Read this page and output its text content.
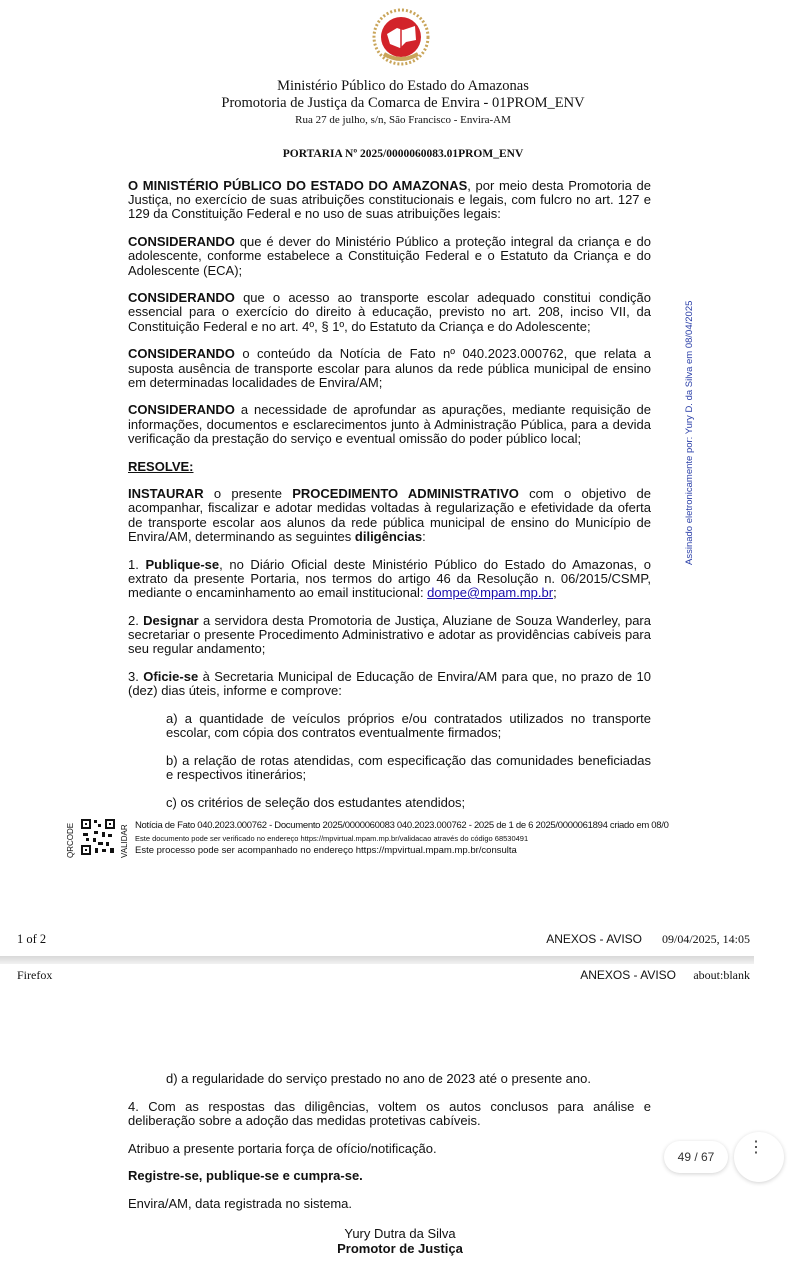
Ministério Público do Estado do Amazonas
Promotoria de Justiça da Comarca de Envira - 01PROM_ENV
Rua 27 de julho, s/n, São Francisco - Envira-AM
PORTARIA Nº 2025/0000060083.01PROM_ENV

O MINISTÉRIO PÚBLICO DO ESTADO DO AMAZONAS, por meio desta Promotoria de Justiça, no exercício de suas atribuições constitucionais e legais, com fulcro no art. 127 e 129 da Constituição Federal e no uso de suas atribuições legais:

CONSIDERANDO que é dever do Ministério Público a proteção integral da criança e do adolescente, conforme estabelece a Constituição Federal e o Estatuto da Criança e do Adolescente (ECA);

CONSIDERANDO que o acesso ao transporte escolar adequado constitui condição essencial para o exercício do direito à educação, previsto no art. 208, inciso VII, da Constituição Federal e no art. 4º, § 1º, do Estatuto da Criança e do Adolescente;

CONSIDERANDO o conteúdo da Notícia de Fato nº 040.2023.000762, que relata a suposta ausência de transporte escolar para alunos da rede pública municipal de ensino em determinadas localidades de Envira/AM;

CONSIDERANDO a necessidade de aprofundar as apurações, mediante requisição de informações, documentos e esclarecimentos junto à Administração Pública, para a devida verificação da prestação do serviço e eventual omissão do poder público local;

RESOLVE:

INSTAURAR o presente PROCEDIMENTO ADMINISTRATIVO com o objetivo de acompanhar, fiscalizar e adotar medidas voltadas à regularização e efetividade da oferta de transporte escolar aos alunos da rede pública municipal de ensino do Município de Envira/AM, determinando as seguintes diligências:

1. Publique-se, no Diário Oficial deste Ministério Público do Estado do Amazonas, o extrato da presente Portaria, nos termos do artigo 46 da Resolução n. 06/2015/CSMP, mediante o encaminhamento ao email institucional: dompe@mpam.mp.br;

2. Designar a servidora desta Promotoria de Justiça, Aluziane de Souza Wanderley, para secretariar o presente Procedimento Administrativo e adotar as providências cabíveis para seu regular andamento;

3. Oficie-se à Secretaria Municipal de Educação de Envira/AM para que, no prazo de 10 (dez) dias úteis, informe e comprove:

a) a quantidade de veículos próprios e/ou contratados utilizados no transporte escolar, com cópia dos contratos eventualmente firmados;

b) a relação de rotas atendidas, com especificação das comunidades beneficiadas e respectivos itinerários;

c) os critérios de seleção dos estudantes atendidos;

Assinado eletronicamente por: Yury D. da Silva em 08/04/2025
QRCODE	VALIDAR Notícia de Fato 040.2023.000762 - Documento 2025/0000060083 040.2023.000762 - 2025 de 1 de 6 2025/0000061894 criado em 08/0
Este documento pode ser verificado no endereço https://mpvirtual.mpam.mp.br/validacao através do código 68530491
Este processo pode ser acompanhado no endereço https://mpvirtual.mpam.mp.br/consulta
1 of 2	ANEXOS - AVISO 09/04/2025, 14:05
Firefox	ANEXOS - AVISO about:blank

d) a regularidade do serviço prestado no ano de 2023 até o presente ano.

4. Com as respostas das diligências, voltem os autos conclusos para análise e deliberação sobre a adoção das medidas protetivas cabíveis.

Atribuo a presente portaria força de ofício/notificação.

Registre-se, publique-se e cumpra-se.

Envira/AM, data registrada no sistema.

Yury Dutra da Silva
Promotor de Justiça
49 / 67
⋮
